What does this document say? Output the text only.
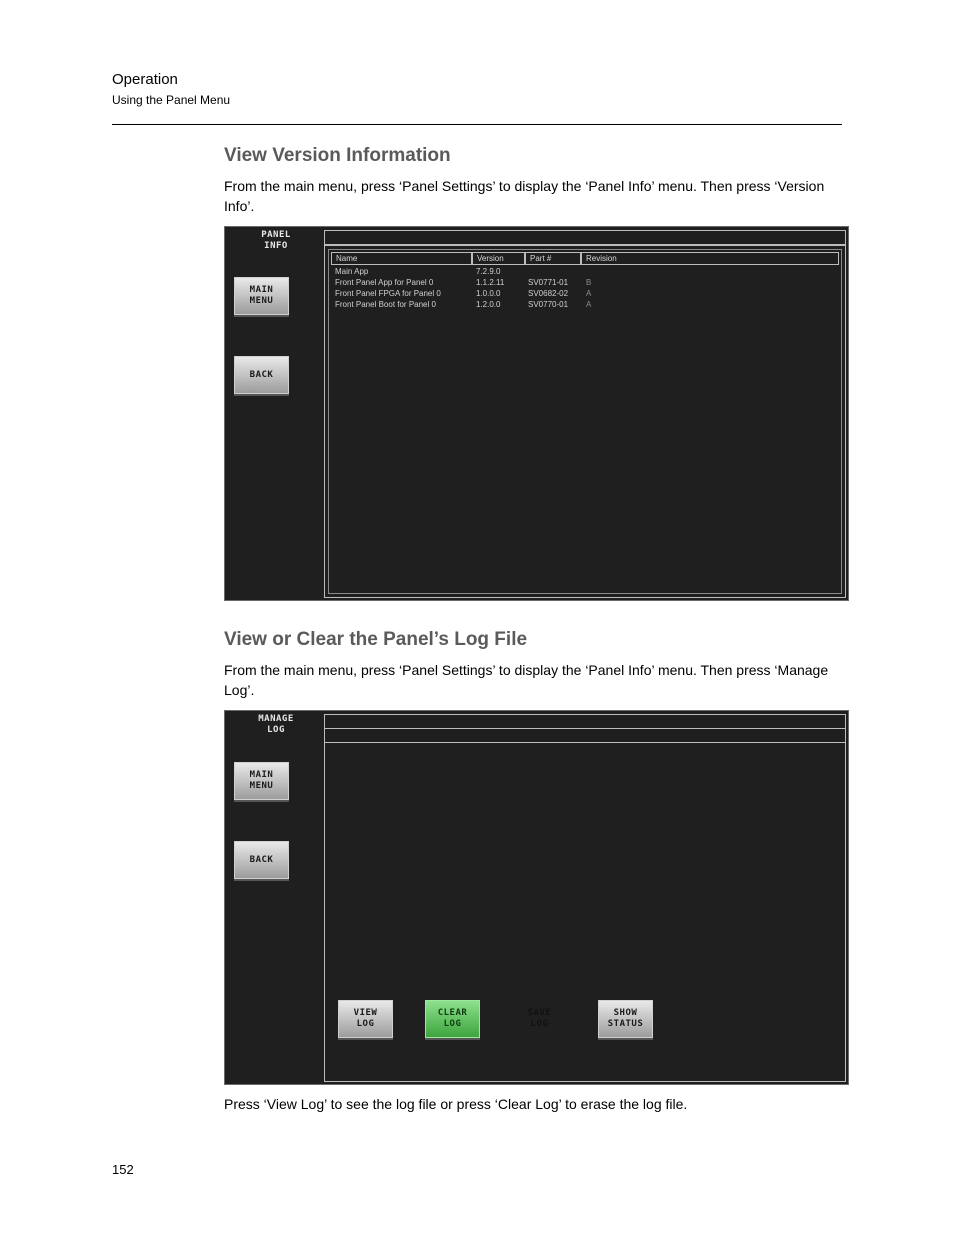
Operation
Using the Panel Menu
View Version Information
From the main menu, press ‘Panel Settings’ to display the ‘Panel Info’ menu. Then press ‘Version Info’.
PANEL
INFO
MAIN
MENU
BACK
Name	Version	Part #	Revision
Main App	7.2.9.0
Front Panel App for Panel 0	1.1.2.11	SV0771-01 B
Front Panel FPGA for Panel 0	1.0.0.0	SV0682-02 A
Front Panel Boot for Panel 0	1.2.0.0	SV0770-01 A
View or Clear the Panel’s Log File
From the main menu, press ‘Panel Settings’ to display the ‘Panel Info’ menu. Then press ‘Manage Log’.
MANAGE
LOG
MAIN
MENU
BACK
VIEW
LOG
CLEAR
LOG
SAVE
LOG
SHOW
STATUS
Press ‘View Log’ to see the log file or press ‘Clear Log’ to erase the log file.
152
